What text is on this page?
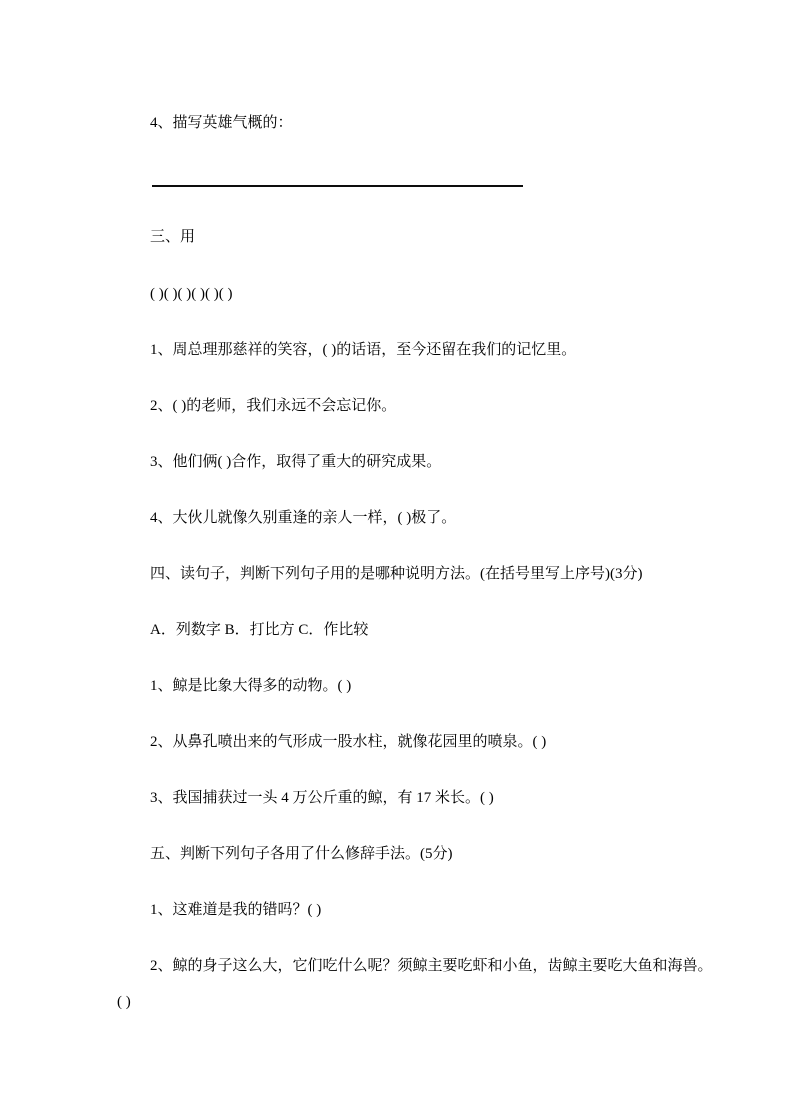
4、描写英雄气概的：

三、用

( )( )( )( )( )( )

1、周总理那慈祥的笑容，( )的话语，至今还留在我们的记忆里。

2、( )的老师，我们永远不会忘记你。

3、他们俩( )合作，取得了重大的研究成果。

4、大伙儿就像久别重逢的亲人一样，( )极了。

四、读句子，判断下列句子用的是哪种说明方法。(在括号里写上序号)(3分)

A．列数字 B．打比方 C．作比较

1、鲸是比象大得多的动物。( )

2、从鼻孔喷出来的气形成一股水柱，就像花园里的喷泉。( )

3、我国捕获过一头 4 万公斤重的鲸，有 17 米长。( )

五、判断下列句子各用了什么修辞手法。(5分)

1、这难道是我的错吗？( )

2、鲸的身子这么大，它们吃什么呢？须鲸主要吃虾和小鱼，齿鲸主要吃大鱼和海兽。

( )
